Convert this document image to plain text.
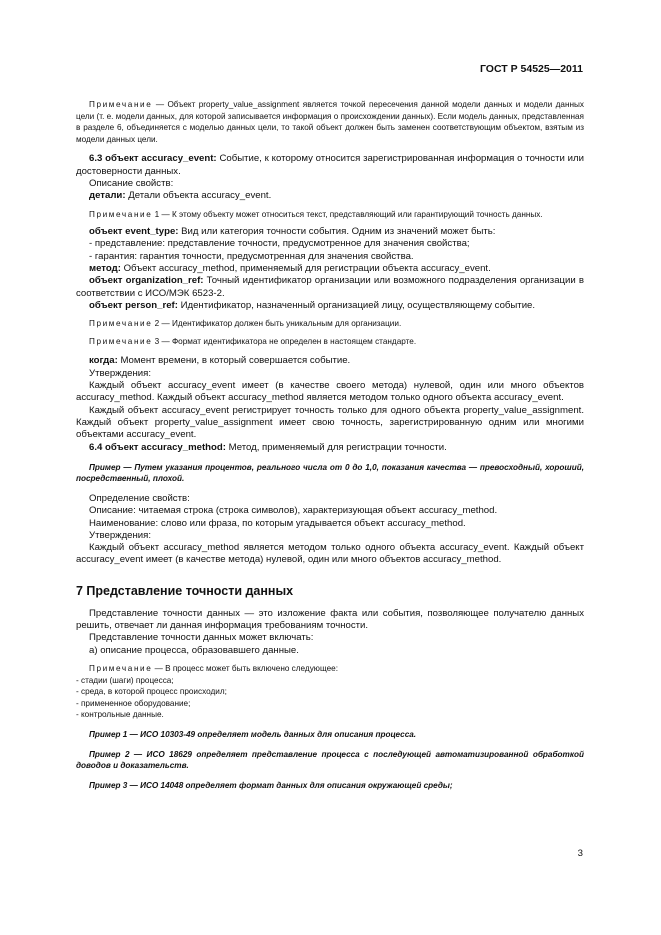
ГОСТ Р 54525—2011

Примечание — Объект property_value_assignment является точкой пересечения данной модели данных и модели данных цели (т. е. модели данных, для которой записывается информация о происхождении данных). Если модель данных, представленная в разделе 6, объединяется с моделью данных цели, то такой объект должен быть заменен соответствующим объектом, взятым из модели данных цели.

6.3 объект accuracy_event: Событие, к которому относится зарегистрированная информация о точности или достоверности данных.

Описание свойств:

детали: Детали объекта accuracy_event.

Примечание 1 — К этому объекту может относиться текст, представляющий или гарантирующий точность данных.

объект event_type: Вид или категория точности события. Одним из значений может быть:

- представление: представление точности, предусмотренное для значения свойства;

- гарантия: гарантия точности, предусмотренная для значения свойства.

метод: Объект accuracy_method, применяемый для регистрации объекта accuracy_event.

объект organization_ref: Точный идентификатор организации или возможного подразделения организации в соответствии с ИСО/МЭК 6523-2.

объект person_ref: Идентификатор, назначенный организацией лицу, осуществляющему событие.

Примечание 2 — Идентификатор должен быть уникальным для организации.

Примечание 3 — Формат идентификатора не определен в настоящем стандарте.

когда: Момент времени, в который совершается событие.

Утверждения:

Каждый объект accuracy_event имеет (в качестве своего метода) нулевой, один или много объектов accuracy_method. Каждый объект accuracy_method является методом только одного объекта accuracy_event.

Каждый объект accuracy_event регистрирует точность только для одного объекта property_value_assignment. Каждый объект property_value_assignment имеет свою точность, зарегистрированную одним или многими объектами accuracy_event.

6.4 объект accuracy_method: Метод, применяемый для регистрации точности.

Пример — Путем указания процентов, реального числа от 0 до 1,0, показания качества — превосходный, хороший, посредственный, плохой.

Определение свойств:

Описание: читаемая строка (строка символов), характеризующая объект accuracy_method.

Наименование: слово или фраза, по которым угадывается объект accuracy_method.

Утверждения:

Каждый объект accuracy_method является методом только одного объекта accuracy_event. Каждый объект accuracy_event имеет (в качестве метода) нулевой, один или много объектов accuracy_method.

7 Представление точности данных

Представление точности данных — это изложение факта или события, позволяющее получателю данных решить, отвечает ли данная информация требованиям точности.

Представление точности данных может включать:

а) описание процесса, образовавшего данные.

Примечание — В процесс может быть включено следующее:

- стадии (шаги) процесса;

- среда, в которой процесс происходил;

- примененное оборудование;

- контрольные данные.

Пример 1 — ИСО 10303-49 определяет модель данных для описания процесса.

Пример 2 — ИСО 18629 определяет представление процесса с последующей автоматизированной обработкой доводов и доказательств.

Пример 3 — ИСО 14048 определяет формат данных для описания окружающей среды;

3
